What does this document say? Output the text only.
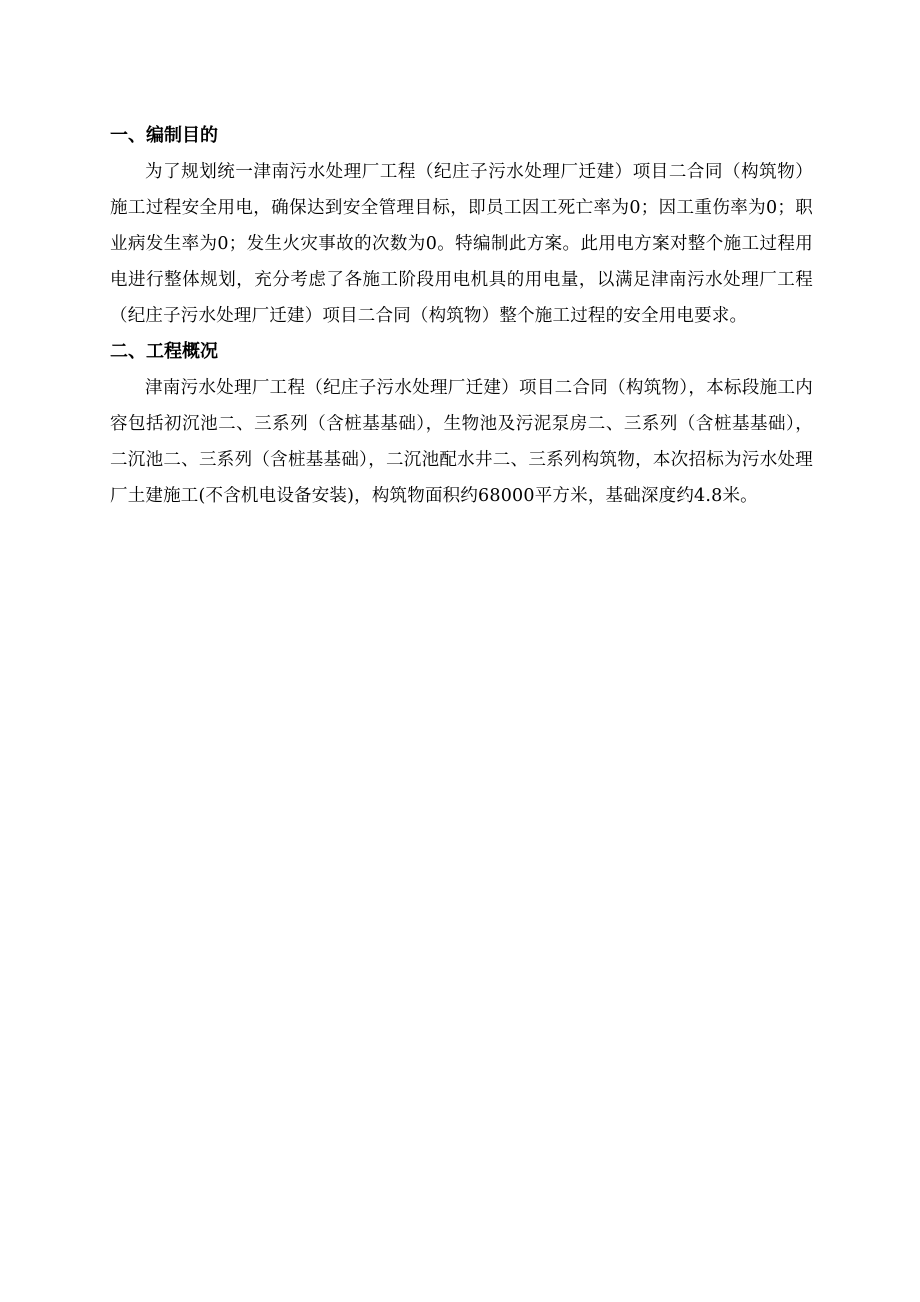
一、编制目的

为了规划统一津南污水处理厂工程（纪庄子污水处理厂迁建）项目二合同（构筑物）施工过程安全用电，确保达到安全管理目标，即员工因工死亡率为0；因工重伤率为0；职业病发生率为0；发生火灾事故的次数为0。特编制此方案。此用电方案对整个施工过程用电进行整体规划，充分考虑了各施工阶段用电机具的用电量，以满足津南污水处理厂工程（纪庄子污水处理厂迁建）项目二合同（构筑物）整个施工过程的安全用电要求。

二、工程概况

津南污水处理厂工程（纪庄子污水处理厂迁建）项目二合同（构筑物），本标段施工内容包括初沉池二、三系列（含桩基基础），生物池及污泥泵房二、三系列（含桩基基础），二沉池二、三系列（含桩基基础），二沉池配水井二、三系列构筑物，本次招标为污水处理厂土建施工(不含机电设备安装)，构筑物面积约68000平方米，基础深度约4.8米。
